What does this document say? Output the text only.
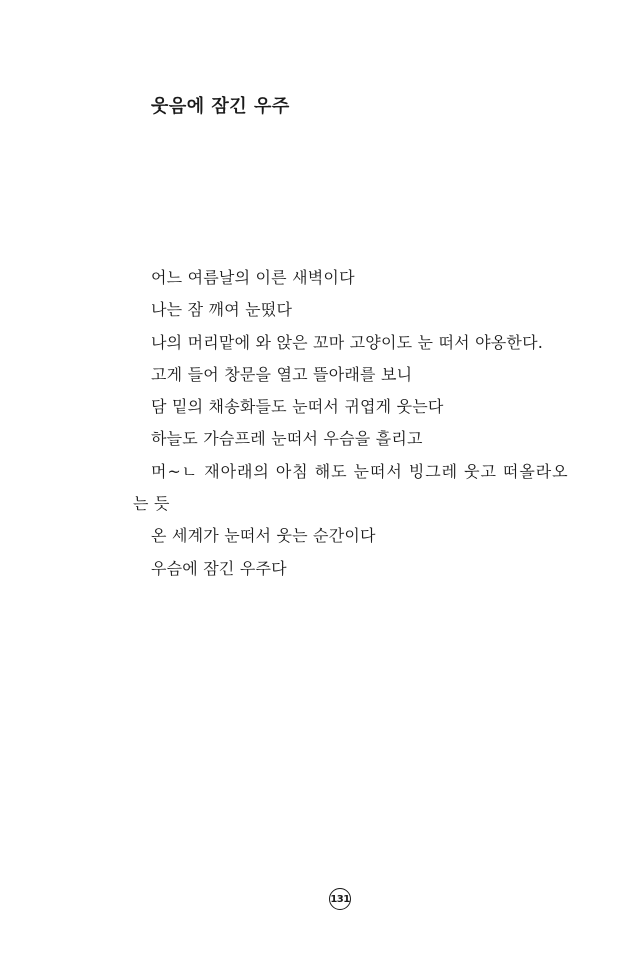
웃음에 잠긴 우주
어느 여름날의 이른 새벽이다
나는 잠 깨여 눈떴다
나의 머리맡에 와 앉은 꼬마 고양이도 눈 떠서 야옹한다.
고게 들어 창문을 열고 뜰아래를 보니
담 밑의 채송화들도 눈떠서 귀엽게 웃는다
하늘도 가슴프레 눈떠서 우슴을 흘리고
머~ㄴ 재아래의 아침 해도 눈떠서 빙그레 웃고 떠올라오
는 듯
온 세계가 눈떠서 웃는 순간이다
우슴에 잠긴 우주다
131
